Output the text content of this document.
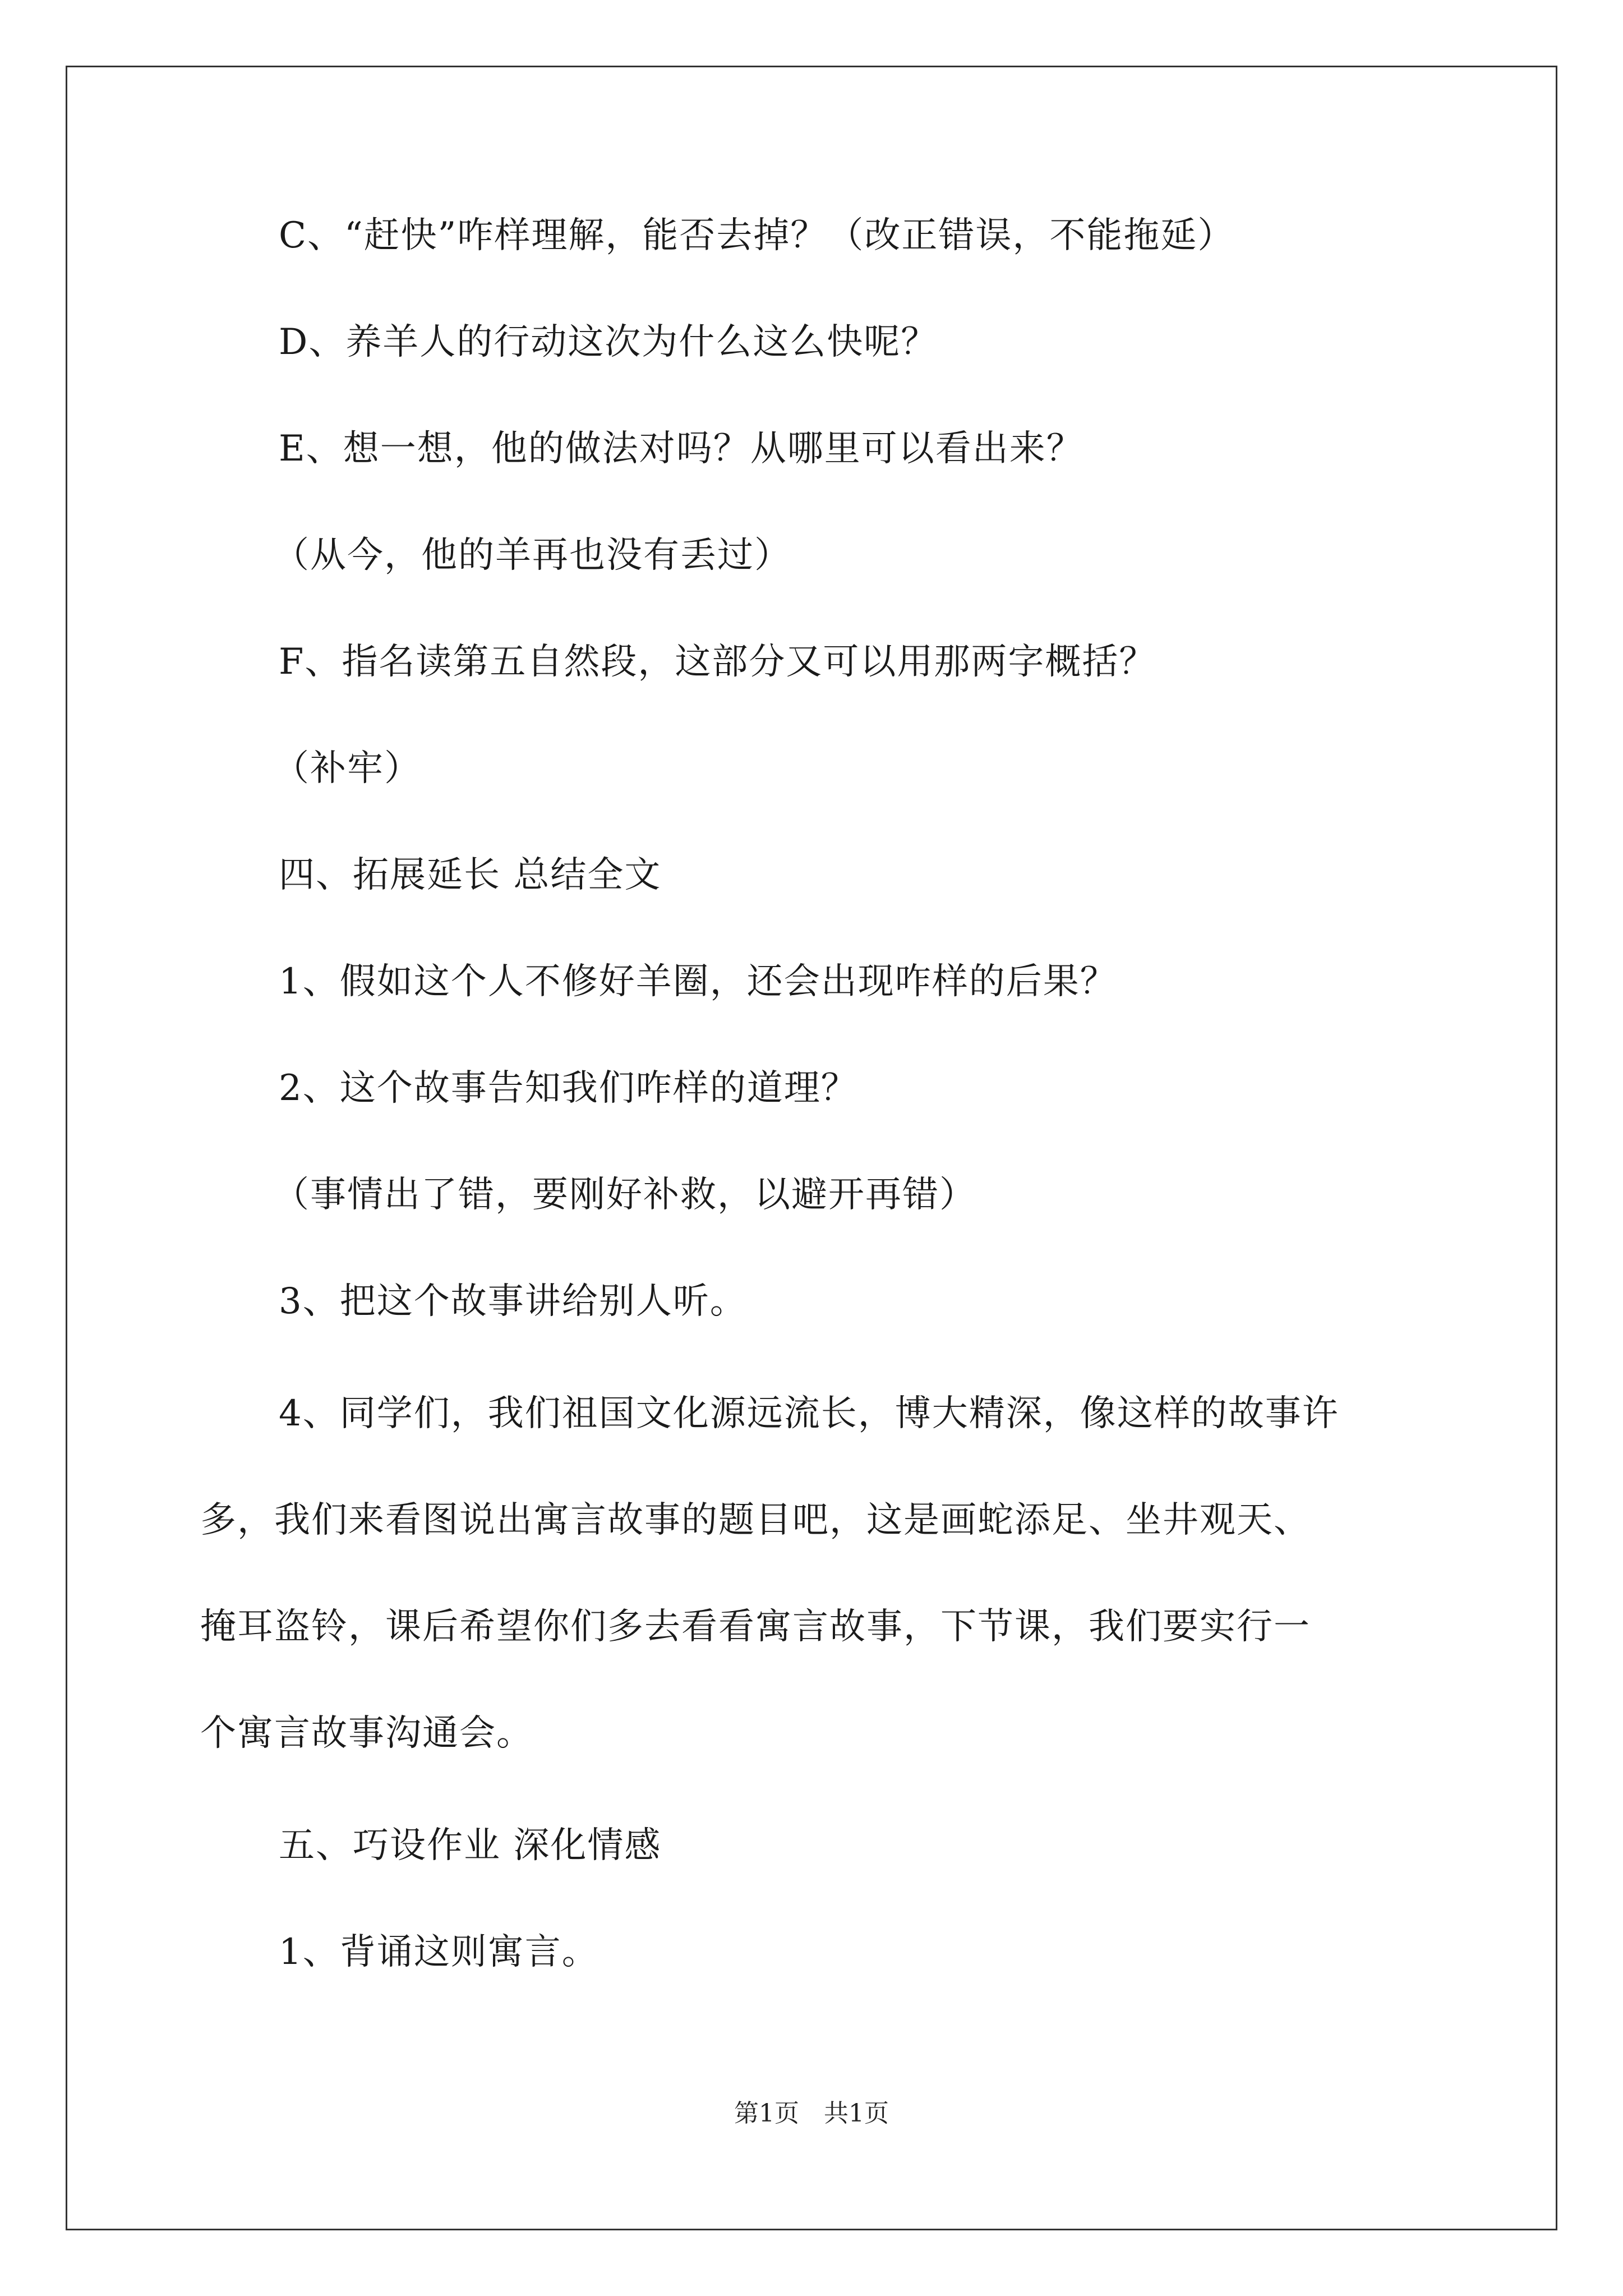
C、“赶快”咋样理解，能否去掉？（改正错误，不能拖延）
D、养羊人的行动这次为什么这么快呢？
E、想一想，他的做法对吗？从哪里可以看出来？
（从今，他的羊再也没有丢过）
F、指名读第五自然段，这部分又可以用那两字概括？
（补牢）
四、拓展延长 总结全文
1、假如这个人不修好羊圈，还会出现咋样的后果？
2、这个故事告知我们咋样的道理？
（事情出了错，要刚好补救，以避开再错）
3、把这个故事讲给别人听。
4、同学们，我们祖国文化源远流长，博大精深，像这样的故事许
多，我们来看图说出寓言故事的题目吧，这是画蛇添足、坐井观天、
掩耳盗铃，课后希望你们多去看看寓言故事，下节课，我们要实行一
个寓言故事沟通会。
五、巧设作业 深化情感
1、背诵这则寓言。
第1页　共1页
